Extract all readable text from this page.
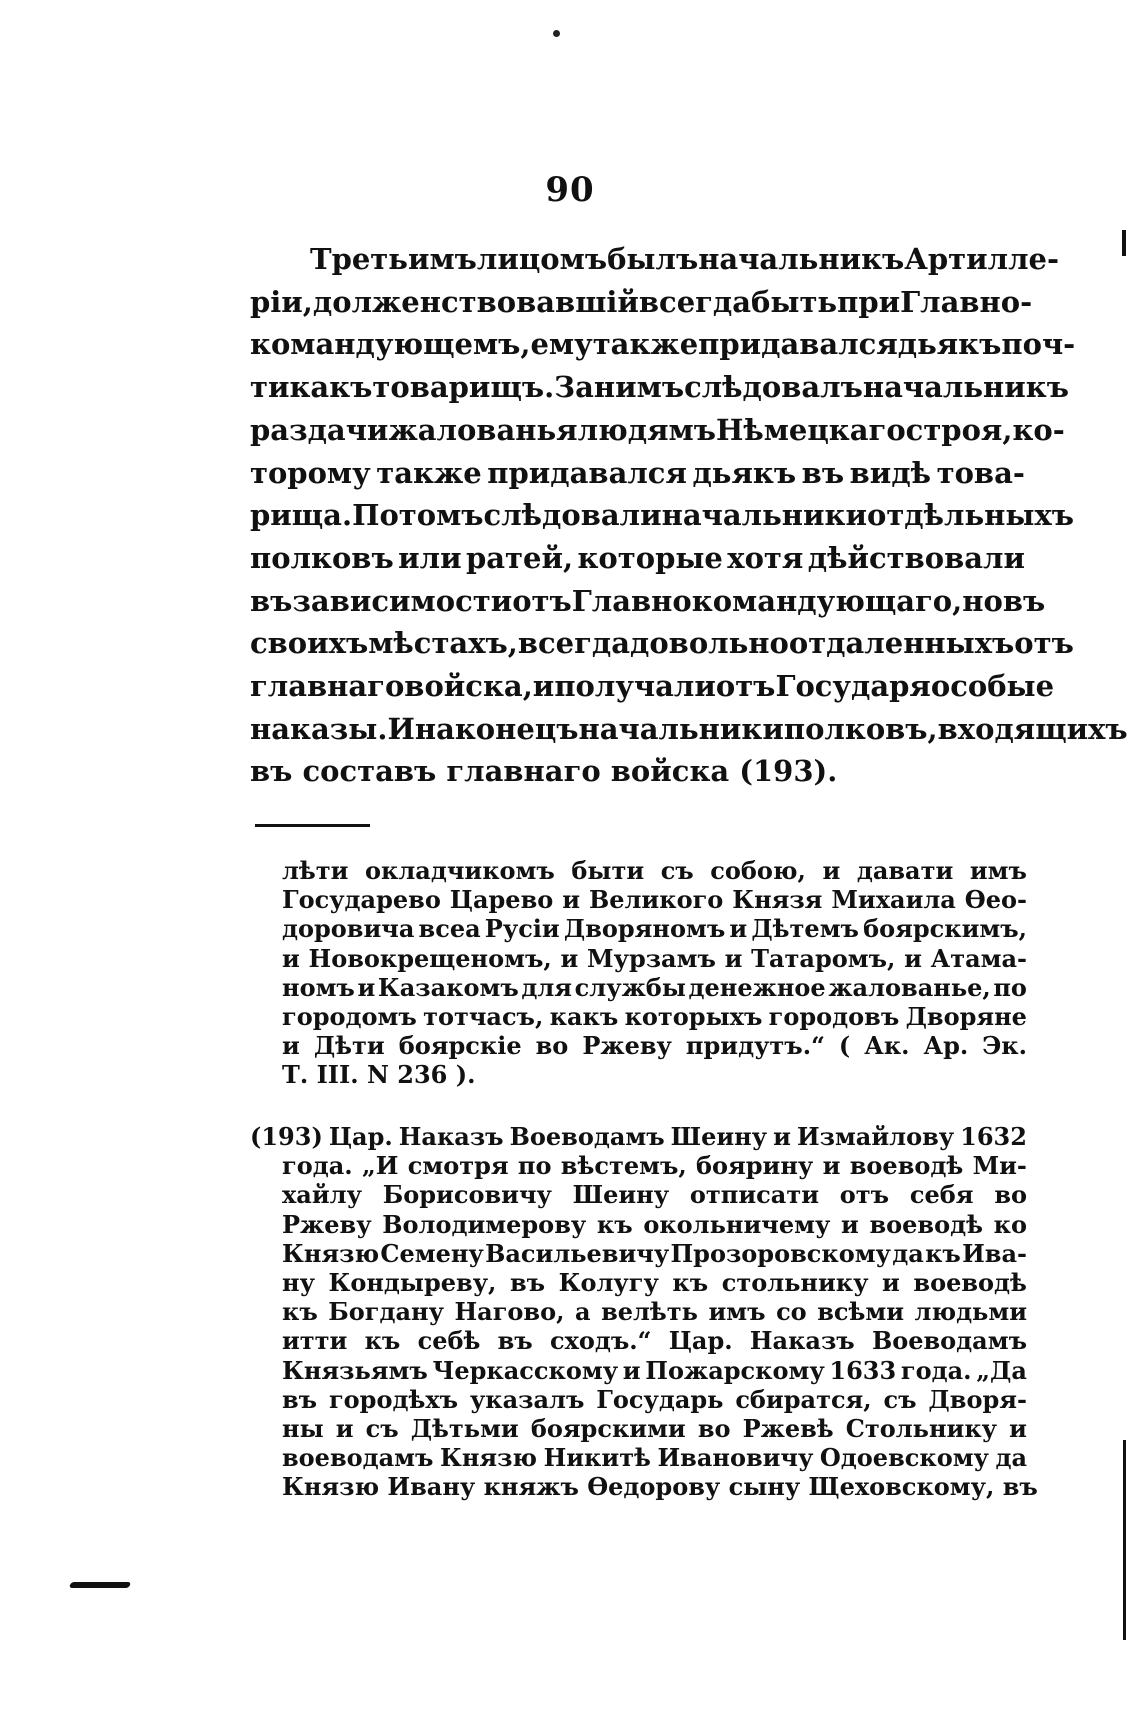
90
Третьимъ лицомъ былъ начальникъ Артилле-
ріи, долженствовавшій всегда быть при Главно-
командующемъ, ему также придавался дьякъ поч-
ти какъ товарищъ. За нимъ слѣдовалъ начальникъ
раздачи жалованья людямъ Нѣмецкаго строя, ко-
торому также придавался дьякъ въ видѣ това-
рища. Потомъ слѣдовали начальники отдѣльныхъ
полковъ или ратей, которые хотя дѣйствовали
въ зависимости отъ Главнокомандующаго, но въ
своихъ мѣстахъ, всегда довольно отдаленныхъ отъ
главнаго войска, и получали отъ Государя особые
наказы. И наконецъ начальники полковъ, входящихъ
въ составъ главнаго войска (193).
лѣти окладчикомъ быти съ собою, и давати имъ
Государево Царево и Великого Князя Михаила Ѳео-
доровича всеа Русіи Дворяномъ и Дѣтемъ боярскимъ,
и Новокрещеномъ, и Мурзамъ и Татаромъ, и Атама-
номъ и Казакомъ для службы денежное жалованье, по
городомъ тотчасъ, какъ которыхъ городовъ Дворяне
и Дѣти боярскіе во Ржеву придутъ.“ ( Ак. Ар. Эк.
Т. III. N 236 ).
(193) Цар. Наказъ Воеводамъ Шеину и Измайлову 1632
года. „И смотря по вѣстемъ, боярину и воеводѣ Ми-
хайлу Борисовичу Шеину отписати отъ себя во
Ржеву Володимерову къ окольничему и воеводѣ ко
Князю Семену Васильевичу Прозоровскому да къ Ива-
ну Кондыреву, въ Колугу къ стольнику и воеводѣ
къ Богдану Нагово, а велѣть имъ со всѣми людьми
итти къ себѣ въ сходъ.“ Цар. Наказъ Воеводамъ
Князьямъ Черкасскому и Пожарскому 1633 года. „Да
въ городѣхъ указалъ Государь сбиратся, съ Дворя-
ны и съ Дѣтьми боярскими во Ржевѣ Стольнику и
воеводамъ Князю Никитѣ Ивановичу Одоевскому да
Князю Ивану княжъ Ѳедорову сыну Щеховскому, въ
